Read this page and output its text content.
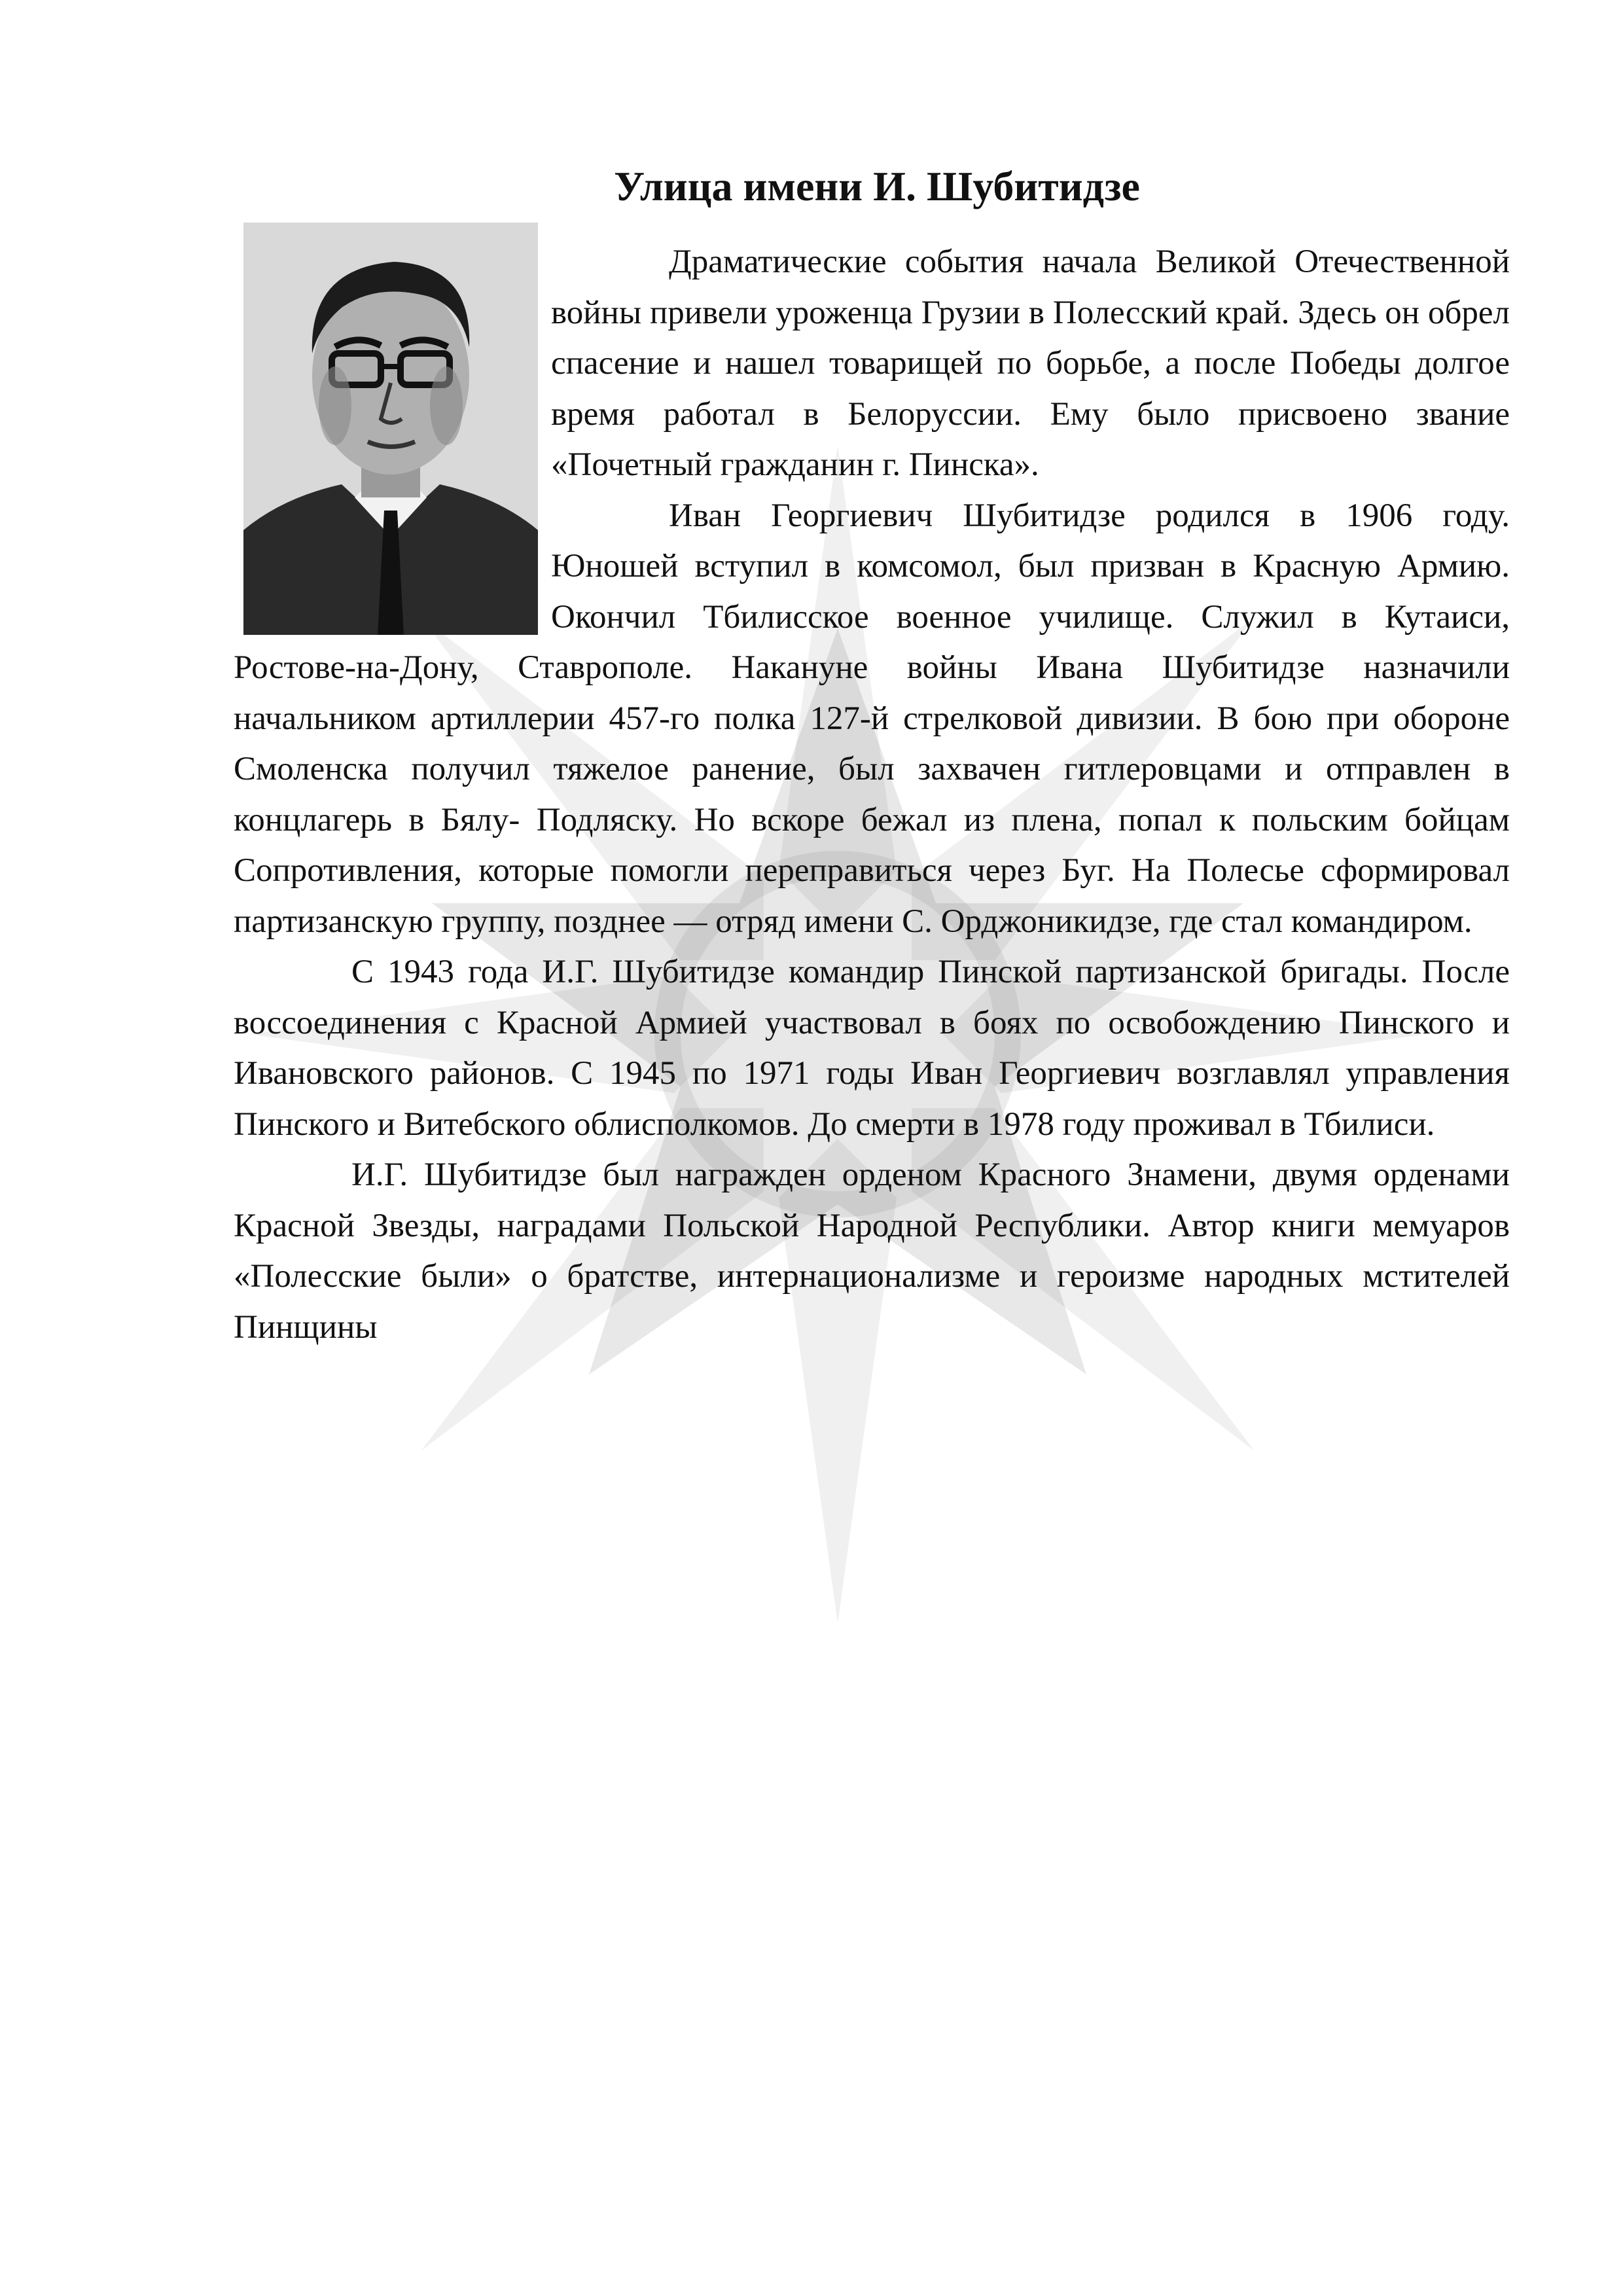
Улица имени И. Шубитидзе

Драматические события начала Великой Отечественной войны привели уроженца Грузии в Полесский край. Здесь он обрел спасение и нашел товарищей по борьбе, а после Победы долгое время работал в Белоруссии. Ему было присвоено звание «Почетный гражданин г. Пинска».

Иван Георгиевич Шубитидзе родился в 1906 году. Юношей вступил в комсомол, был призван в Красную Армию. Окончил Тбилисское военное училище. Служил в Кутаиси, Ростове-на-Дону, Ставрополе. Накануне войны Ивана Шубитидзе назначили начальником артиллерии 457-го полка 127-й стрелковой дивизии. В бою при обороне Смоленска получил тяжелое ранение, был захвачен гитлеровцами и отправлен в концлагерь в Бялу- Подляску. Но вскоре бежал из плена, попал к польским бойцам Сопротивления, которые помогли переправиться через Буг. На Полесье сформировал партизанскую группу, позднее — отряд имени С. Орджоникидзе, где стал командиром.

С 1943 года И.Г. Шубитидзе командир Пинской партизанской бригады. После воссоединения с Красной Армией участвовал в боях по освобождению Пинского и Ивановского районов. С 1945 по 1971 годы Иван Георгиевич возглавлял управления Пинского и Витебского облисполкомов. До смерти в 1978 году проживал в Тбилиси.

И.Г. Шубитидзе был награжден орденом Красного Знамени, двумя орденами Красной Звезды, наградами Польской Народной Республики. Автор книги мемуаров «Полесские были» о братстве, интернационализме и героизме народных мстителей Пинщины
